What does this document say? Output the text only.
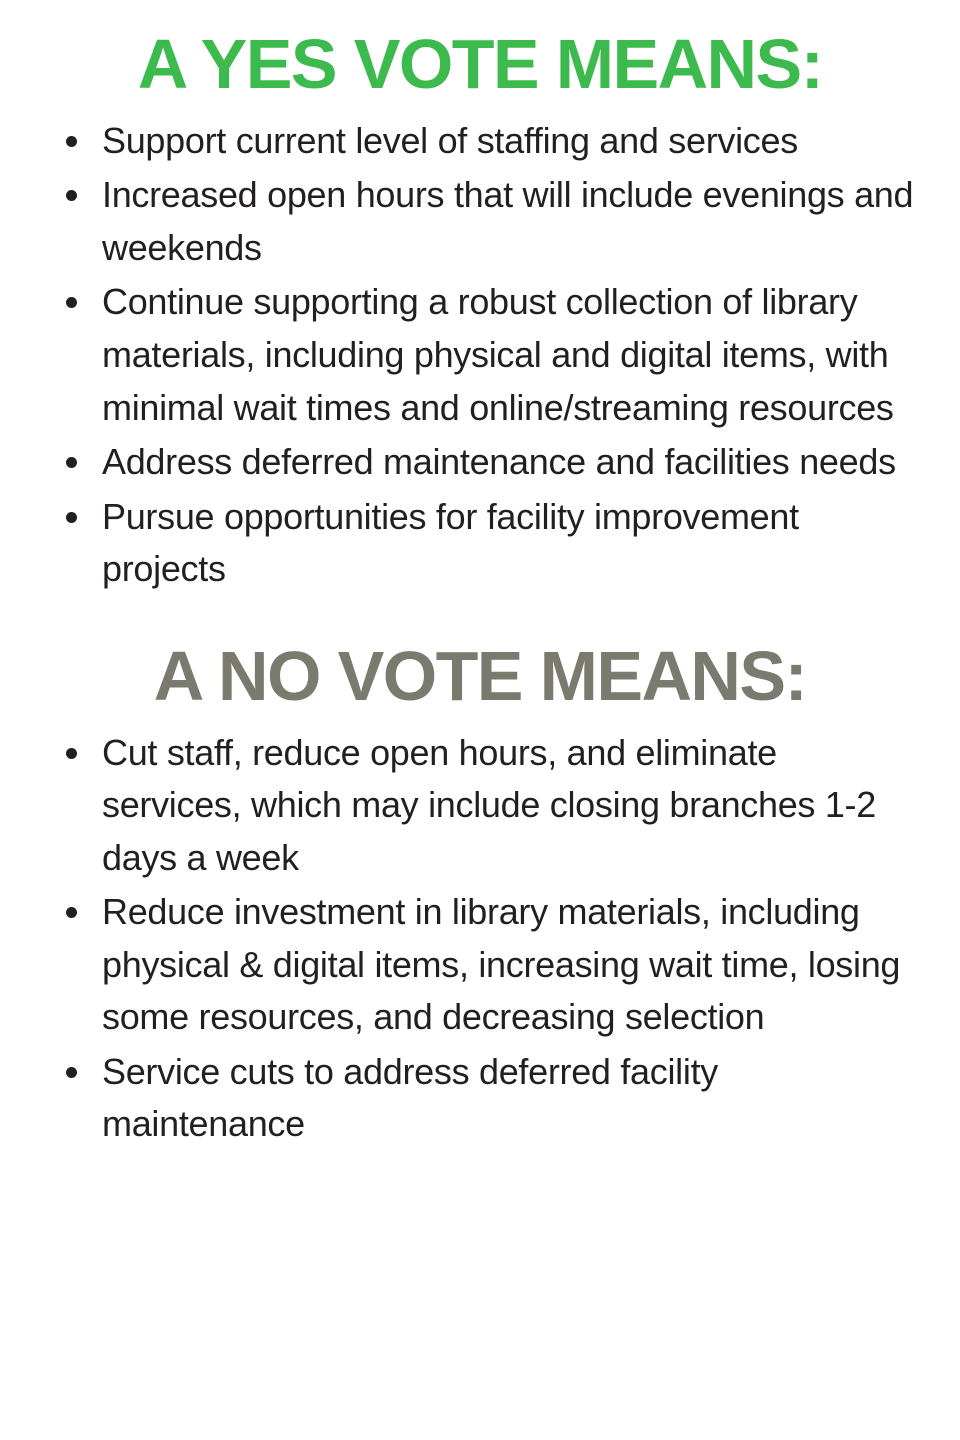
A YES VOTE MEANS:
Support current level of staffing and services
Increased open hours that will include evenings and weekends
Continue supporting a robust collection of library materials, including physical and digital items, with minimal wait times and online/streaming resources
Address deferred maintenance and facilities needs
Pursue opportunities for facility improvement projects
A NO VOTE MEANS:
Cut staff, reduce open hours, and eliminate services, which may include closing branches 1-2 days a week
Reduce investment in library materials, including physical & digital items, increasing wait time, losing some resources, and decreasing selection
Service cuts to address deferred facility maintenance
